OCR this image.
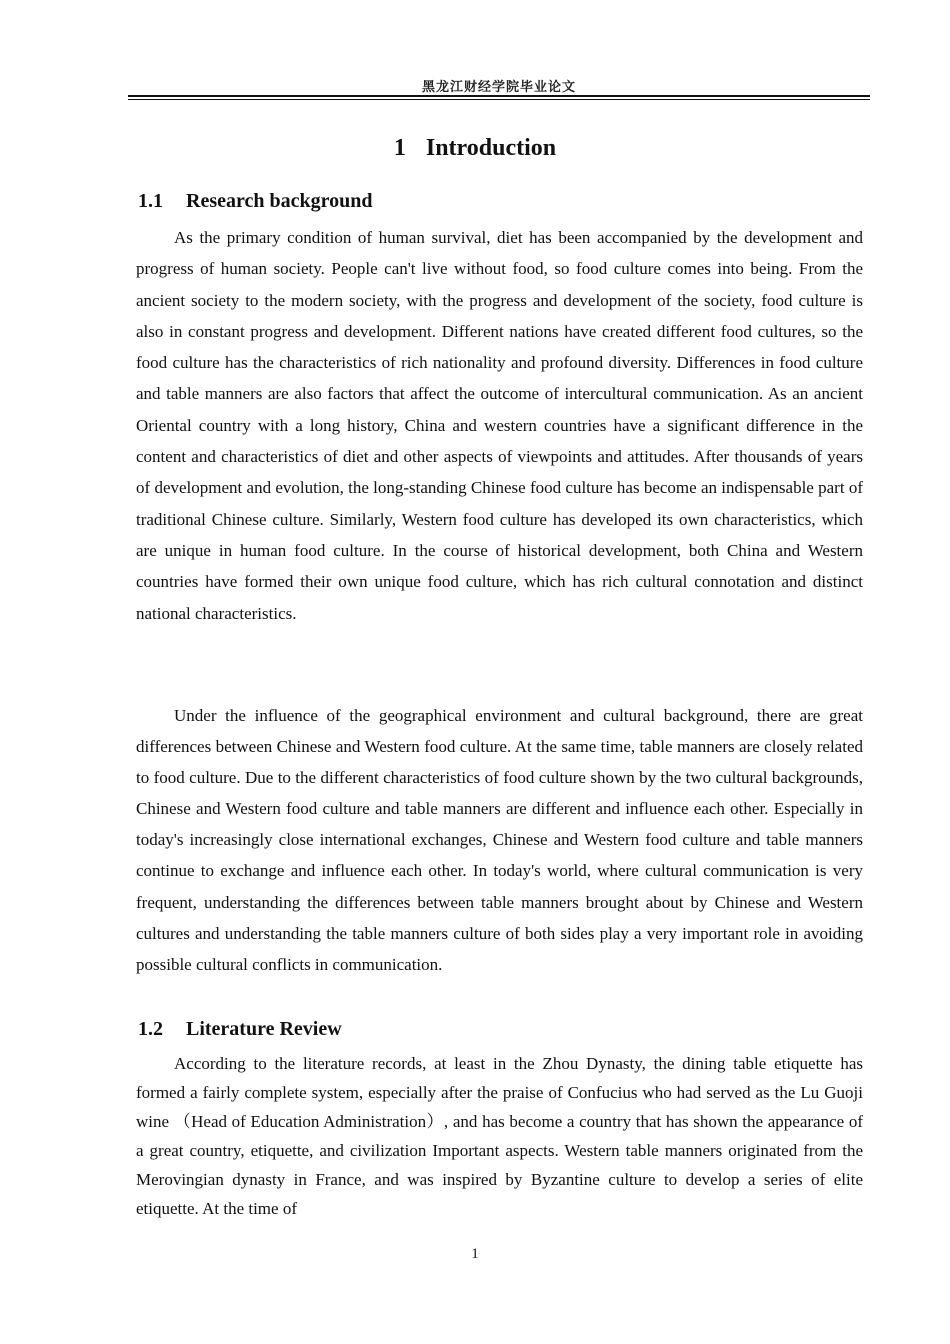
黑龙江财经学院毕业论文
1 Introduction
1.1 Research background

As the primary condition of human survival, diet has been accompanied by the development and progress of human society. People can't live without food, so food culture comes into being. From the ancient society to the modern society, with the progress and development of the society, food culture is also in constant progress and development. Different nations have created different food cultures, so the food culture has the characteristics of rich nationality and profound diversity. Differences in food culture and table manners are also factors that affect the outcome of intercultural communication. As an ancient Oriental country with a long history, China and western countries have a significant difference in the content and characteristics of diet and other aspects of viewpoints and attitudes. After thousands of years of development and evolution, the long-standing Chinese food culture has become an indispensable part of traditional Chinese culture. Similarly, Western food culture has developed its own characteristics, which are unique in human food culture. In the course of historical development, both China and Western countries have formed their own unique food culture, which has rich cultural connotation and distinct national characteristics.

Under the influence of the geographical environment and cultural background, there are great differences between Chinese and Western food culture. At the same time, table manners are closely related to food culture. Due to the different characteristics of food culture shown by the two cultural backgrounds, Chinese and Western food culture and table manners are different and influence each other. Especially in today's increasingly close international exchanges, Chinese and Western food culture and table manners continue to exchange and influence each other. In today's world, where cultural communication is very frequent, understanding the differences between table manners brought about by Chinese and Western cultures and understanding the table manners culture of both sides play a very important role in avoiding possible cultural conflicts in communication.

1.2 Literature Review

According to the literature records, at least in the Zhou Dynasty, the dining table etiquette has formed a fairly complete system, especially after the praise of Confucius who had served as the Lu Guoji wine （Head of Education Administration）, and has become a country that has shown the appearance of a great country, etiquette, and civilization Important aspects. Western table manners originated from the Merovingian dynasty in France, and was inspired by Byzantine culture to develop a series of elite etiquette. At the time of

1
